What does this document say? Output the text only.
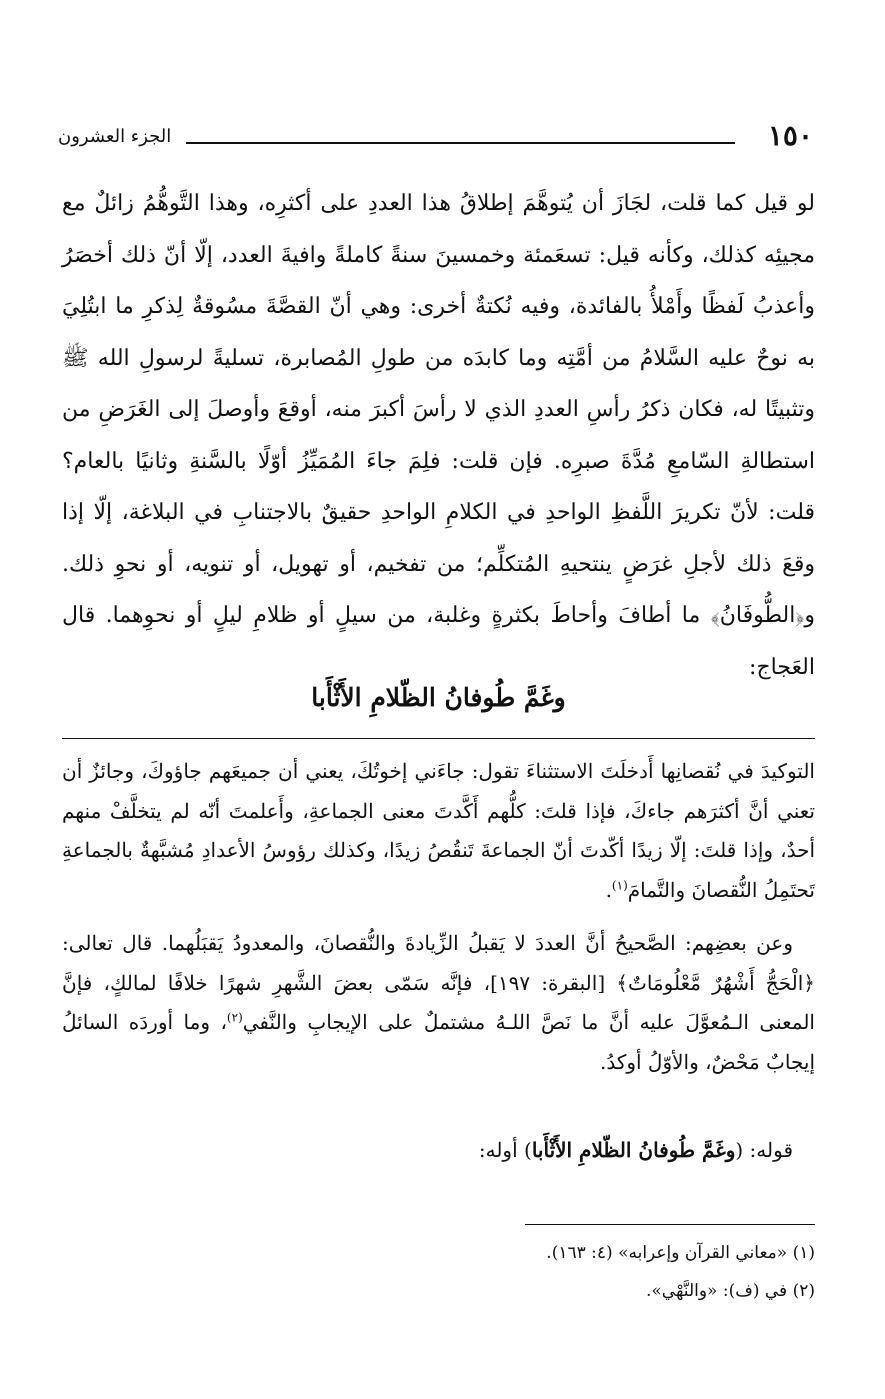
١٥٠
الجزء العشرون

لو قيل كما قلت، لجَازَ أن يُتوهَّمَ إطلاقُ هذا العددِ على أكثرِه، وهذا التَّوهُّمُ زائلٌ مع مجيئِه كذلك، وكأنه قيل: تسعَمئة وخمسينَ سنةً كاملةً وافيةَ العدد، إلّا أنّ ذلك أخصَرُ وأعذبُ لَفظًا وأَمْلأُ بالفائدة، وفيه نُكتةٌ أخرى: وهي أنّ القصَّةَ مسُوقةٌ لِذكرِ ما ابتُلِيَ به نوحٌ عليه السَّلامُ من أمَّتِه وما كابدَه من طولِ المُصابرة، تسليةً لرسولِ الله ﷺ وتثبيتًا له، فكان ذكرُ رأسِ العددِ الذي لا رأسَ أكبرَ منه، أوقعَ وأوصلَ إلى الغَرَضِ من استطالةِ السّامعِ مُدَّةَ صبرِه. فإن قلت: فلِمَ جاءَ المُمَيِّزُ أوّلًا بالسَّنةِ وثانيًا بالعام؟ قلت: لأنّ تكريرَ اللَّفظِ الواحدِ في الكلامِ الواحدِ حقيقٌ بالاجتنابِ في البلاغة، إلّا إذا وقعَ ذلك لأجلِ غرَضٍ ينتحيهِ المُتكلِّم؛ من تفخيم، أو تهويل، أو تنويه، أو نحوِ ذلك. و﴿الطُّوفَانُ﴾ ما أطافَ وأحاطَ بكثرةٍ وغلبة، من سيلٍ أو ظلامِ ليلٍ أو نحوِهما. قال العَجاج:

وغَمَّ طُوفانُ الظّلامِ الأَثْأَبا

التوكيدَ في نُقصانِها أَدخلَتَ الاستثناءَ تقول: جاءَني إخوتُكَ، يعني أن جميعَهم جاؤوكَ، وجائزٌ أن تعني أنَّ أكثرَهم جاءكَ، فإذا قلتَ: كلُّهم أَكَّدتَ معنى الجماعةِ، وأَعلمتَ أنّه لم يتخلَّفْ منهم أحدٌ، وإذا قلتَ: إلّا زيدًا أكّدتَ أنّ الجماعةَ تَنقُصُ زيدًا، وكذلك رؤوسُ الأعدادِ مُشبَّهةٌ بالجماعةِ تَحتَمِلُ النُّقصانَ والتَّمامَ$^{(١)}$.

وعن بعضِهم: الصَّحيحُ أنَّ العددَ لا يَقبلُ الزِّيادةَ والنُّقصانَ، والمعدودُ يَقبَلُهما. قال تعالى: ﴿الْحَجُّ أَشْهُرٌ مَّعْلُومَاتٌ﴾ [البقرة: ١٩٧]، فإنَّه سَمّى بعضَ الشَّهرِ شهرًا خلافًا لمالكٍ، فإنَّ المعنى الـمُعوَّلَ عليه أنَّ ما نَصَّ اللـهُ مشتملٌ على الإيجابِ والنَّفي$^{(٢)}$، وما أوردَه السائلُ إيجابٌ مَحْضٌ، والأوّلُ أوكدُ.

قوله: (وغَمَّ طُوفانُ الظّلامِ الأَثْأَبا) أوله:
(١) «معاني القرآن وإعرابه» (٤: ١٦٣).
(٢) في (ف): «والنَّهْي».
